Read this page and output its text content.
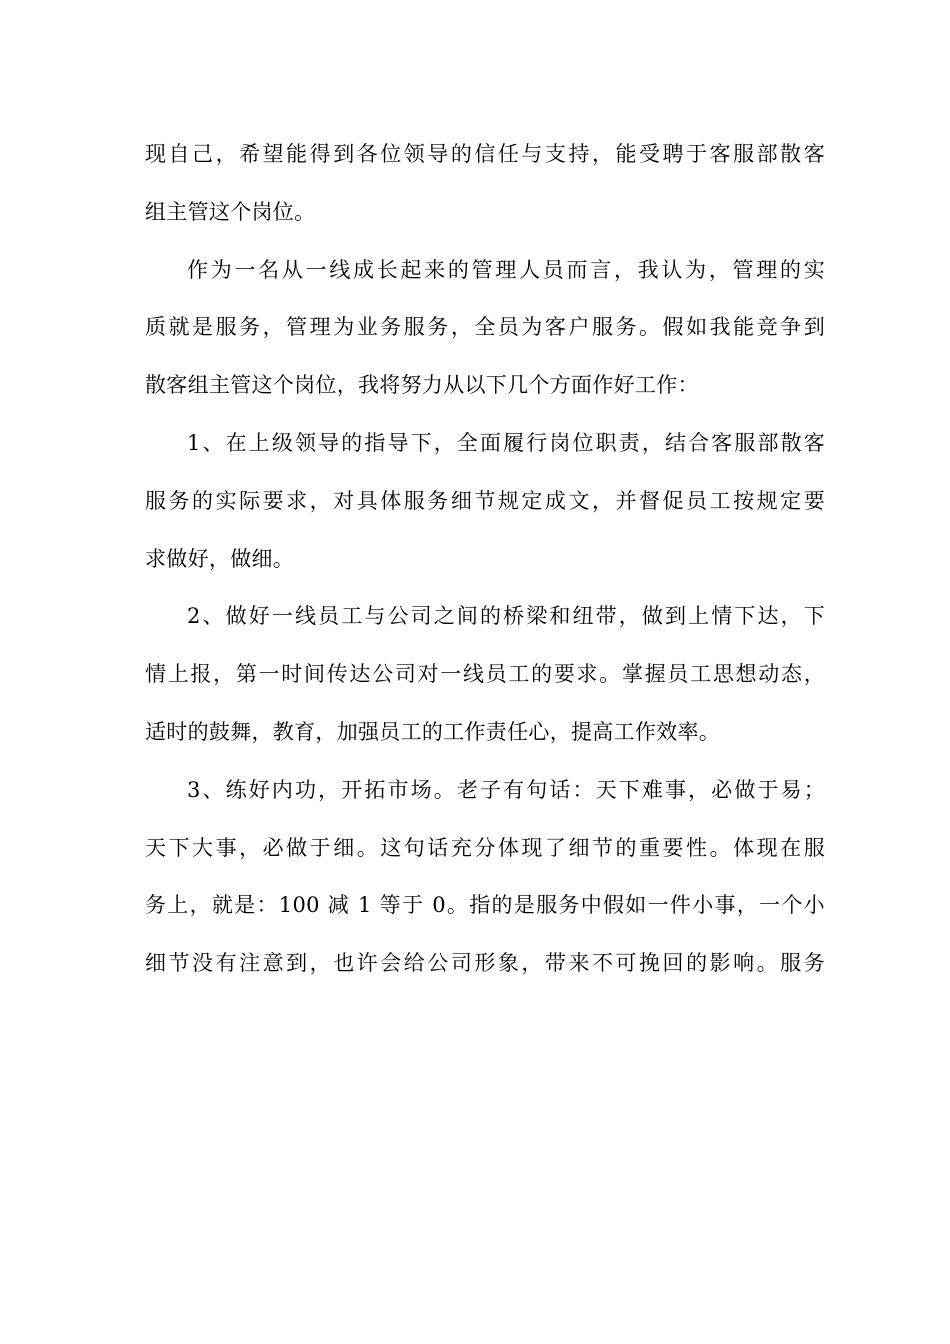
现自己，希望能得到各位领导的信任与支持，能受聘于客服部散客
组主管这个岗位。
作为一名从一线成长起来的管理人员而言，我认为，管理的实
质就是服务，管理为业务服务，全员为客户服务。假如我能竞争到
散客组主管这个岗位，我将努力从以下几个方面作好工作：
1、在上级领导的指导下，全面履行岗位职责，结合客服部散客
服务的实际要求，对具体服务细节规定成文，并督促员工按规定要
求做好，做细。
2、做好一线员工与公司之间的桥梁和纽带，做到上情下达，下
情上报，第一时间传达公司对一线员工的要求。掌握员工思想动态，
适时的鼓舞，教育，加强员工的工作责任心，提高工作效率。
3、练好内功，开拓市场。老子有句话：天下难事，必做于易；
天下大事，必做于细。这句话充分体现了细节的重要性。体现在服
务上，就是：100 减 1 等于 0。指的是服务中假如一件小事，一个小
细节没有注意到，也许会给公司形象，带来不可挽回的影响。服务
